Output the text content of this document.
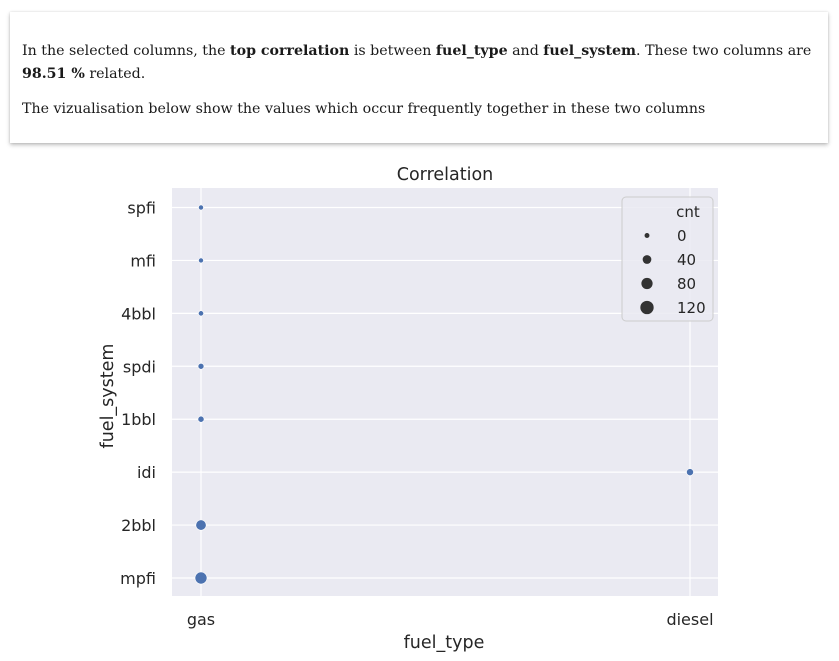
In the selected columns, the top correlation is between fuel_type and fuel_system. These two columns are 98.51 % related.

The vizualisation below show the values which occur frequently together in these two columns

spfi
mfi
4bbl
spdi
1bbl
idi
2bbl
mpfi
gas	diesel
fuel_type
fuel_system
Correlation
cnt
0
40
80
120
